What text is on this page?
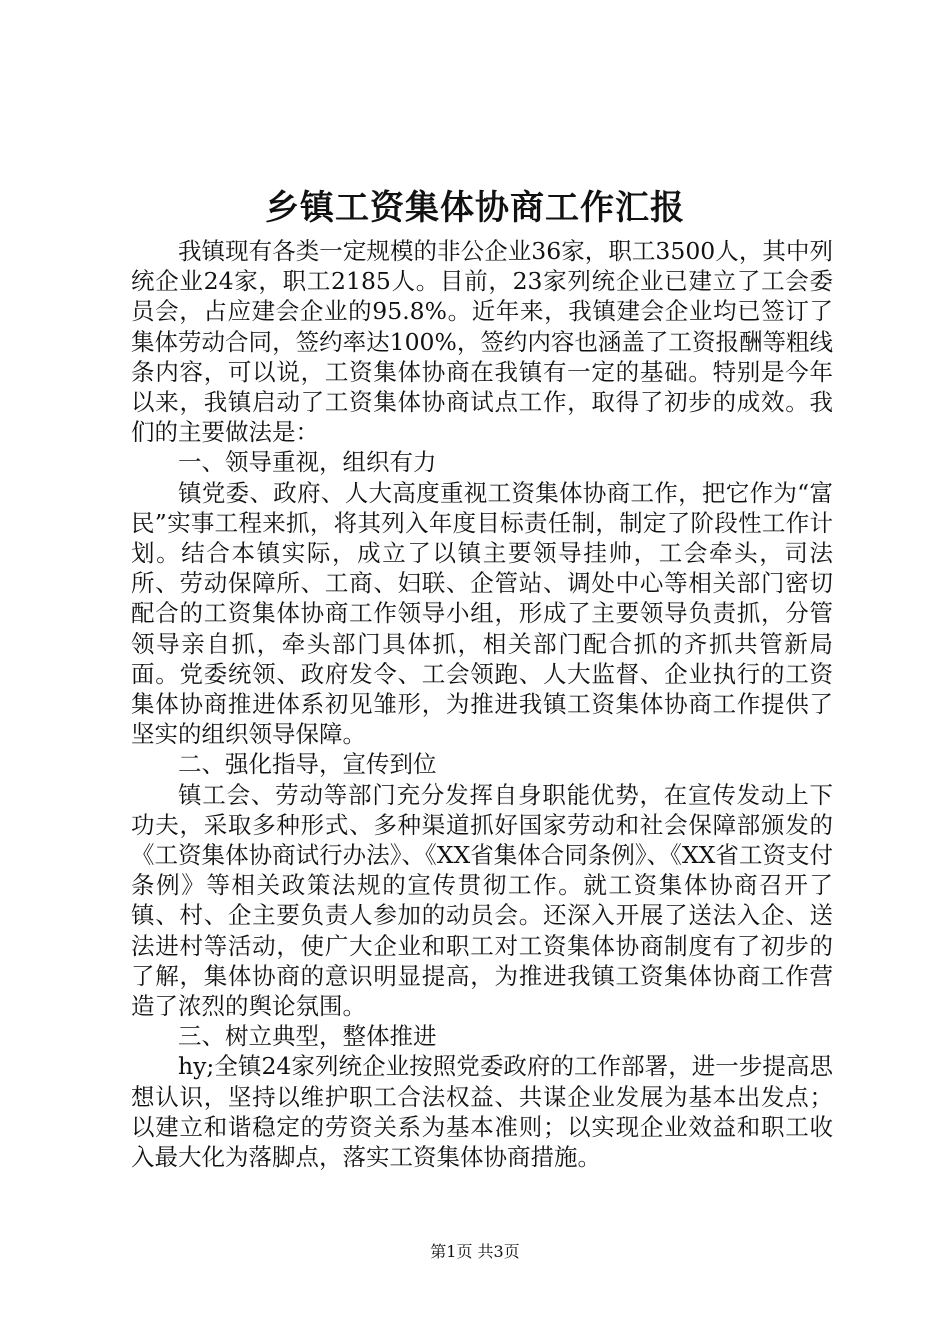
乡镇工资集体协商工作汇报

我镇现有各类一定规模的非公企业36家，职工3500人，其中列统企业24家，职工2185人。目前，23家列统企业已建立了工会委员会，占应建会企业的95.8%。近年来，我镇建会企业均已签订了集体劳动合同，签约率达100%，签约内容也涵盖了工资报酬等粗线条内容，可以说，工资集体协商在我镇有一定的基础。特别是今年以来，我镇启动了工资集体协商试点工作，取得了初步的成效。我们的主要做法是：

一、领导重视，组织有力

镇党委、政府、人大高度重视工资集体协商工作，把它作为“富民”实事工程来抓，将其列入年度目标责任制，制定了阶段性工作计划。结合本镇实际，成立了以镇主要领导挂帅，工会牵头，司法所、劳动保障所、工商、妇联、企管站、调处中心等相关部门密切配合的工资集体协商工作领导小组，形成了主要领导负责抓，分管领导亲自抓，牵头部门具体抓，相关部门配合抓的齐抓共管新局面。党委统领、政府发令、工会领跑、人大监督、企业执行的工资集体协商推进体系初见雏形，为推进我镇工资集体协商工作提供了坚实的组织领导保障。

二、强化指导，宣传到位

镇工会、劳动等部门充分发挥自身职能优势，在宣传发动上下功夫，采取多种形式、多种渠道抓好国家劳动和社会保障部颁发的《工资集体协商试行办法》、《XX省集体合同条例》、《XX省工资支付条例》等相关政策法规的宣传贯彻工作。就工资集体协商召开了镇、村、企主要负责人参加的动员会。还深入开展了送法入企、送法进村等活动，使广大企业和职工对工资集体协商制度有了初步的了解，集体协商的意识明显提高，为推进我镇工资集体协商工作营造了浓烈的舆论氛围。

三、树立典型，整体推进

hy;全镇24家列统企业按照党委政府的工作部署，进一步提高思想认识，坚持以维护职工合法权益、共谋企业发展为基本出发点；以建立和谐稳定的劳资关系为基本准则；以实现企业效益和职工收入最大化为落脚点，落实工资集体协商措施。

第1页 共3页
